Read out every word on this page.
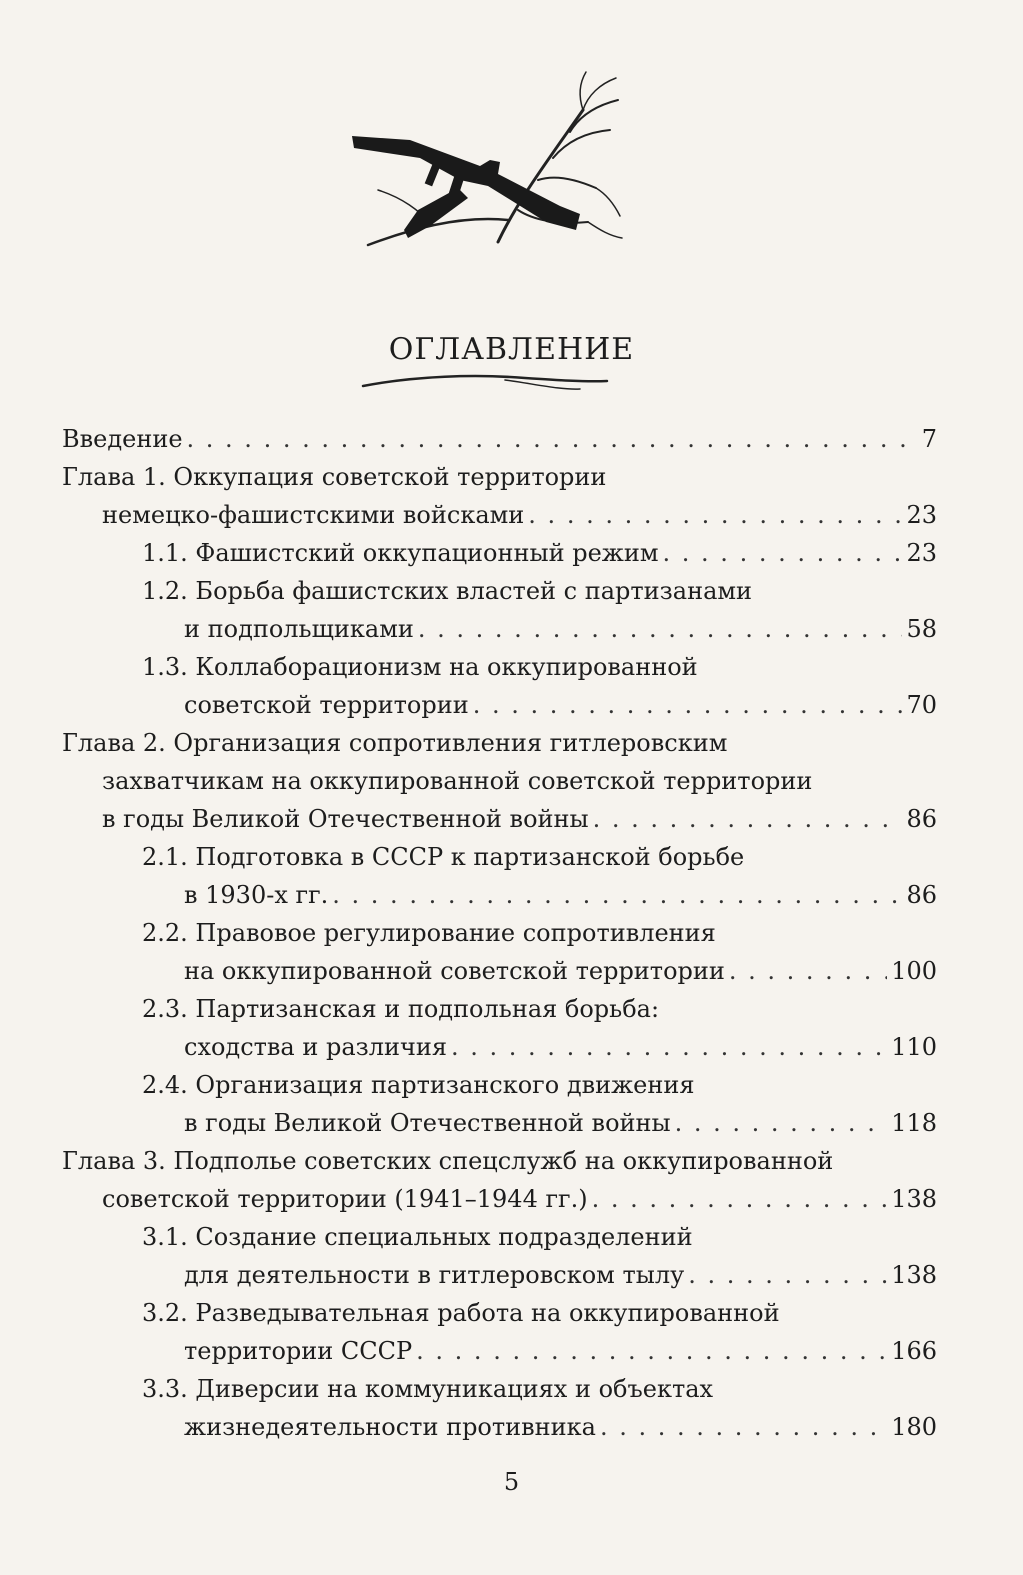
ОГЛАВЛЕНИЕ
Введение . . .	7
Глава 1. Оккупация советской территории
немецко-фашистскими войсками . . .	23
1.1. Фашистский оккупационный режим . . .	23
1.2. Борьба фашистских властей с партизанами
и подпольщиками . . .	58
1.3. Коллаборационизм на оккупированной
советской территории . . .	70
Глава 2. Организация сопротивления гитлеровским
захватчикам на оккупированной советской территории
в годы Великой Отечественной войны . . .	86
2.1. Подготовка в СССР к партизанской борьбе
в 1930-х гг. . . .	86
2.2. Правовое регулирование сопротивления
на оккупированной советской территории . . .	100
2.3. Партизанская и подпольная борьба:
сходства и различия . . .	110
2.4. Организация партизанского движения
в годы Великой Отечественной войны . . .	118
Глава 3. Подполье советских спецслужб на оккупированной
советской территории (1941–1944 гг.) . . .	138
3.1. Создание специальных подразделений
для деятельности в гитлеровском тылу . . .	138
3.2. Разведывательная работа на оккупированной
территории СССР . . .	166
3.3. Диверсии на коммуникациях и объектах
жизнедеятельности противника . . .	180
5
